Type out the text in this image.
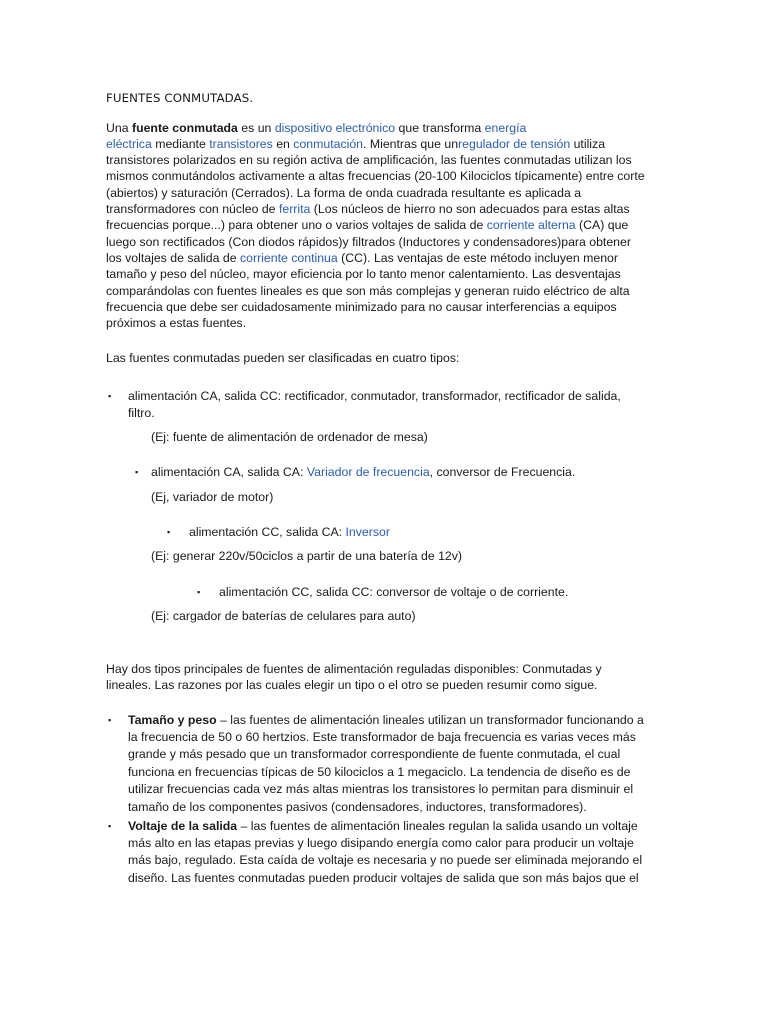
FUENTES CONMUTADAS.
Una fuente conmutada es un dispositivo electrónico que transforma energía
eléctrica mediante transistores en conmutación. Mientras que unregulador de tensión utiliza
transistores polarizados en su región activa de amplificación, las fuentes conmutadas utilizan los
mismos conmutándolos activamente a altas frecuencias (20-100 Kilociclos típicamente) entre corte
(abiertos) y saturación (Cerrados). La forma de onda cuadrada resultante es aplicada a
transformadores con núcleo de ferrita (Los núcleos de hierro no son adecuados para estas altas
frecuencias porque...) para obtener uno o varios voltajes de salida de corriente alterna (CA) que
luego son rectificados (Con diodos rápidos)y filtrados (Inductores y condensadores)para obtener
los voltajes de salida de corriente continua (CC). Las ventajas de este método incluyen menor
tamaño y peso del núcleo, mayor eficiencia por lo tanto menor calentamiento. Las desventajas
comparándolas con fuentes lineales es que son más complejas y generan ruido eléctrico de alta
frecuencia que debe ser cuidadosamente minimizado para no causar interferencias a equipos
próximos a estas fuentes.
Las fuentes conmutadas pueden ser clasificadas en cuatro tipos:
▪ alimentación CA, salida CC: rectificador, conmutador, transformador, rectificador de salida,
filtro.
(Ej: fuente de alimentación de ordenador de mesa)
▪ alimentación CA, salida CA: Variador de frecuencia, conversor de Frecuencia.
(Ej, variador de motor)
▪ alimentación CC, salida CA: Inversor
(Ej: generar 220v/50ciclos a partir de una batería de 12v)
▪ alimentación CC, salida CC: conversor de voltaje o de corriente.
(Ej: cargador de baterías de celulares para auto)
Hay dos tipos principales de fuentes de alimentación reguladas disponibles: Conmutadas y
lineales. Las razones por las cuales elegir un tipo o el otro se pueden resumir como sigue.
▪ Tamaño y peso – las fuentes de alimentación lineales utilizan un transformador funcionando a
la frecuencia de 50 o 60 hertzios. Este transformador de baja frecuencia es varias veces más
grande y más pesado que un transformador correspondiente de fuente conmutada, el cual
funciona en frecuencias típicas de 50 kilociclos a 1 megaciclo. La tendencia de diseño es de
utilizar frecuencias cada vez más altas mientras los transistores lo permitan para disminuir el
tamaño de los componentes pasivos (condensadores, inductores, transformadores).
▪ Voltaje de la salida – las fuentes de alimentación lineales regulan la salida usando un voltaje
más alto en las etapas previas y luego disipando energía como calor para producir un voltaje
más bajo, regulado. Esta caída de voltaje es necesaria y no puede ser eliminada mejorando el
diseño. Las fuentes conmutadas pueden producir voltajes de salida que son más bajos que el
